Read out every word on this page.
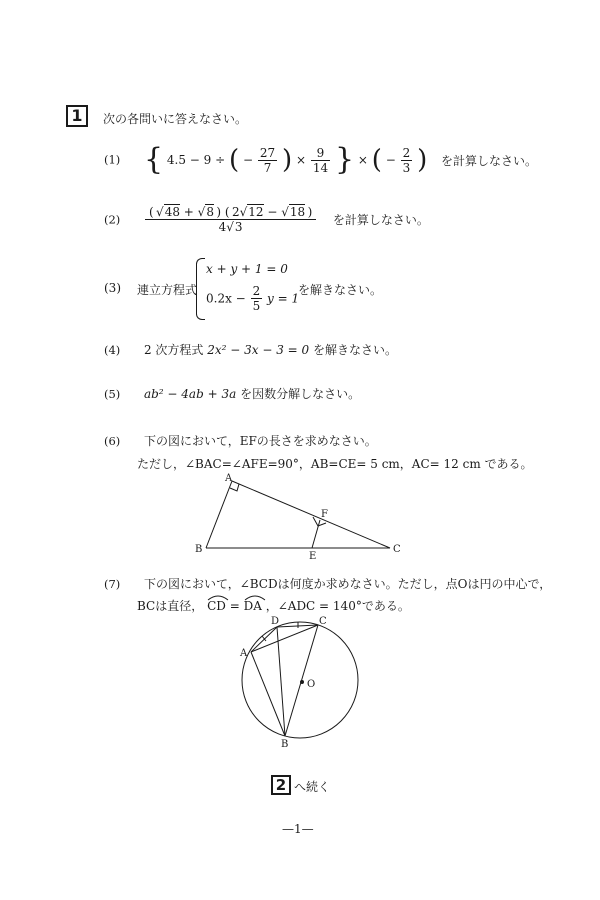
1	次の各問いに答えなさい。
(1) { 4.5 − 9 ÷ ( − $\frac{27}{7}$ ) × $\frac{9}{14}$ } × ( − $\frac{2}{3}$ ) を計算しなさい。
$(2) \frac{( √48 + √8 ) ( 2√12 - √18 )}{4√3}$ を計算しなさい。
(3) 連立方程式
x + y + 1 = 0
$0.2x - \frac{2}{5}$ y = 1
を解きなさい。
(4) 2 次方程式 2x² − 3x − 3 = 0 を解きなさい。
(5) ab² − 4ab + 3a を因数分解しなさい。
(6) 下の図において，EFの長さを求めなさい。
ただし，∠BAC=∠AFE=90°，AB=CE= 5 cm，AC= 12 cm である。
A
B	C
E
F
(7) 下の図において，∠BCDは何度か求めなさい。ただし，点Oは円の中心で，
BCは直径， CD = DA ，∠ADC = 140°である。
O
A
B
C
D
2 へ続く
—1—
